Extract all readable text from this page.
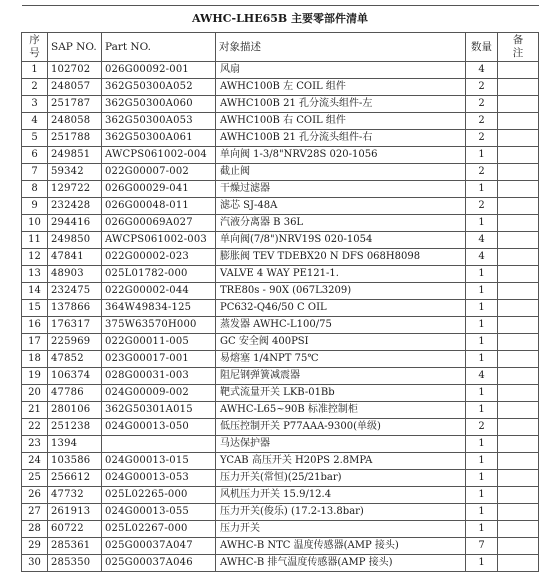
AWHC-LHE65B 主要零部件清单					
序号	SAP NO.	Part NO.	对象描述	数量	备注
1	102702	026G00092-001	风扇	4	
2	248057	362G50300A052	AWHC100B 左 COIL 组件	2	
3	251787	362G50300A060	AWHC100B 21 孔分流头组件-左	2	
4	248058	362G50300A053	AWHC100B 右 COIL 组件	2	
5	251788	362G50300A061	AWHC100B 21 孔分流头组件-右	2	
6	249851	AWCPS061002-004	单向阀 1-3/8"NRV28S 020-1056	1	
7	59342	022G00007-002	截止阀	2	
8	129722	026G00029-041	干燥过滤器	1	
9	232428	026G00048-011	滤芯 SJ-48A	2	
10	294416	026G00069A027	汽液分离器 B 36L	1	
11	249850	AWCPS061002-003	单向阀(7/8")NRV19S 020-1054	4	
12	47841	022G00002-023	膨胀阀 TEV TDEBX20 N DFS 068H8098	4	
13	48903	025L01782-000	VALVE 4 WAY PE121-1.	1	
14	232475	022G00002-044	TRE80s - 90X (067L3209)	1	
15	137866	364W49834-125	PC632-Q46/50 C OIL	1	
16	176317	375W63570H000	蒸发器 AWHC-L100/75	1	
17	225969	022G00011-005	GC 安全阀 400PSI	1	
18	47852	023G00017-001	易熔塞 1/4NPT 75℃	1	
19	106374	028G00031-003	阻尼钢弹簧减震器	4	
20	47786	024G00009-002	靶式流量开关 LKB-01Bb	1	
21	280106	362G50301A015	AWHC-L65~90B 标准控制柜	1	
22	251238	024G00013-050	低压控制开关 P77AAA-9300(单级)	2	
23	1394		马达保护器	1	
24	103586	024G00013-015	YCAB 高压开关 H20PS 2.8MPA	1	
25	256612	024G00013-053	压力开关(常恒)(25/21bar)	1	
26	47732	025L02265-000	风机压力开关 15.9/12.4	1	
27	261913	024G00013-055	压力开关(俊乐) (17.2-13.8bar)	1	
28	60722	025L02267-000	压力开关	1	
29	285361	025G00037A047	AWHC-B NTC 温度传感器(AMP 接头)	7	
30	285350	025G00037A046	AWHC-B 排气温度传感器(AMP 接头)	1	
